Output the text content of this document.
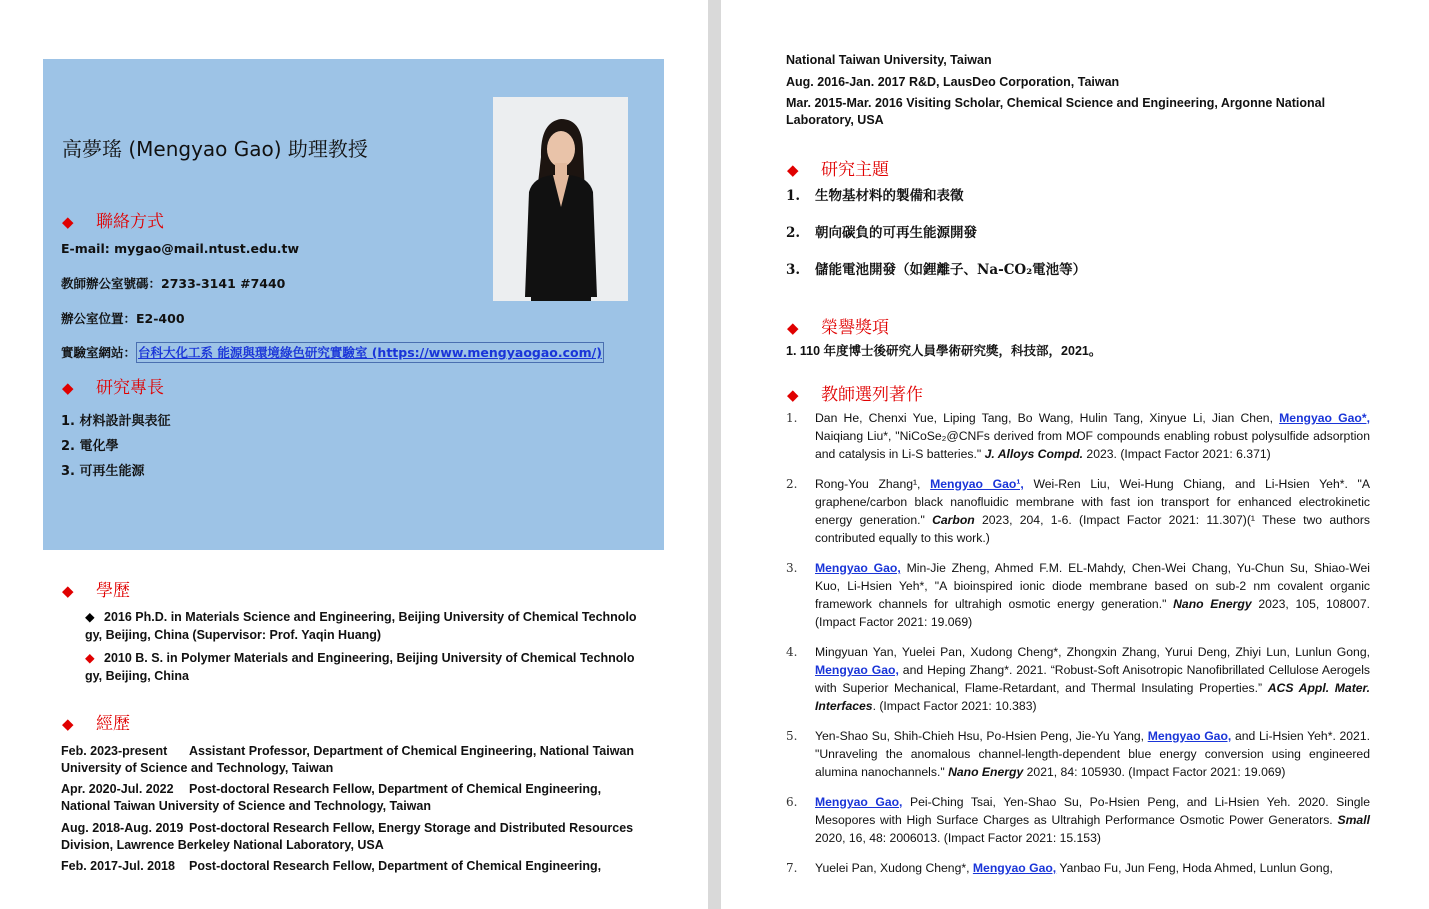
高夢瑤 (Mengyao Gao) 助理教授
◆ 聯絡方式
E-mail: mygao@mail.ntust.edu.tw
教師辦公室號碼：2733-3141 #7440
辦公室位置：E2-400
實驗室網站： 台科大化工系 能源與環境綠色研究實驗室 (https://www.mengyaogao.com/)
◆ 研究專長
1. 材料設計與表征
2. 電化學
3. 可再生能源
◆ 學歷
◆ 2016 Ph.D. in Materials Science and Engineering, Beijing University of Chemical Technolo gy, Beijing, China (Supervisor: Prof. Yaqin Huang)
◆ 2010 B. S. in Polymer Materials and Engineering, Beijing University of Chemical Technolo gy, Beijing, China
◆ 經歷
Feb. 2023-present Assistant Professor, Department of Chemical Engineering, National Taiwan University of Science and Technology, Taiwan
Apr. 2020-Jul. 2022 Post-doctoral Research Fellow, Department of Chemical Engineering, National Taiwan University of Science and Technology, Taiwan
Aug. 2018-Aug. 2019 Post-doctoral Research Fellow, Energy Storage and Distributed Resources Division, Lawrence Berkeley National Laboratory, USA
Feb. 2017-Jul. 2018 Post-doctoral Research Fellow, Department of Chemical Engineering,
National Taiwan University, Taiwan
Aug. 2016-Jan. 2017 R&D, LausDeo Corporation, Taiwan
Mar. 2015-Mar. 2016 Visiting Scholar, Chemical Science and Engineering, Argonne National Laboratory, USA
◆ 研究主題
1. 生物基材料的製備和表徵
2. 朝向碳負的可再生能源開發
3. 儲能電池開發（如鋰離子、Na-CO₂電池等）
◆ 榮譽獎項
1. 110 年度博士後研究人員學術研究獎，科技部，2021。
◆ 教師選列著作
1. Dan He, Chenxi Yue, Liping Tang, Bo Wang, Hulin Tang, Xinyue Li, Jian Chen, Mengyao Gao*, Naiqiang Liu*, "NiCoSe₂@CNFs derived from MOF compounds enabling robust polysulfide adsorption and catalysis in Li-S batteries." J. Alloys Compd. 2023. (Impact Factor 2021: 6.371)
2. Rong-You Zhang¹, Mengyao Gao¹, Wei-Ren Liu, Wei-Hung Chiang, and Li-Hsien Yeh*. "A graphene/carbon black nanofluidic membrane with fast ion transport for enhanced electrokinetic energy generation." Carbon 2023, 204, 1-6. (Impact Factor 2021: 11.307)(¹ These two authors contributed equally to this work.)
3. Mengyao Gao, Min-Jie Zheng, Ahmed F.M. EL-Mahdy, Chen-Wei Chang, Yu-Chun Su, Shiao-Wei Kuo, Li-Hsien Yeh*, "A bioinspired ionic diode membrane based on sub-2 nm covalent organic framework channels for ultrahigh osmotic energy generation." Nano Energy 2023, 105, 108007. (Impact Factor 2021: 19.069)
4. Mingyuan Yan, Yuelei Pan, Xudong Cheng*, Zhongxin Zhang, Yurui Deng, Zhiyi Lun, Lunlun Gong, Mengyao Gao, and Heping Zhang*. 2021. “Robust-Soft Anisotropic Nanofibrillated Cellulose Aerogels with Superior Mechanical, Flame-Retardant, and Thermal Insulating Properties.” ACS Appl. Mater. Interfaces. (Impact Factor 2021: 10.383)
5. Yen-Shao Su, Shih-Chieh Hsu, Po-Hsien Peng, Jie-Yu Yang, Mengyao Gao, and Li-Hsien Yeh*. 2021. "Unraveling the anomalous channel-length-dependent blue energy conversion using engineered alumina nanochannels." Nano Energy 2021, 84: 105930. (Impact Factor 2021: 19.069)
6. Mengyao Gao, Pei-Ching Tsai, Yen-Shao Su, Po-Hsien Peng, and Li-Hsien Yeh. 2020. Single Mesopores with High Surface Charges as Ultrahigh Performance Osmotic Power Generators. Small 2020, 16, 48: 2006013. (Impact Factor 2021: 15.153)
7. Yuelei Pan, Xudong Cheng*, Mengyao Gao, Yanbao Fu, Jun Feng, Hoda Ahmed, Lunlun Gong,
